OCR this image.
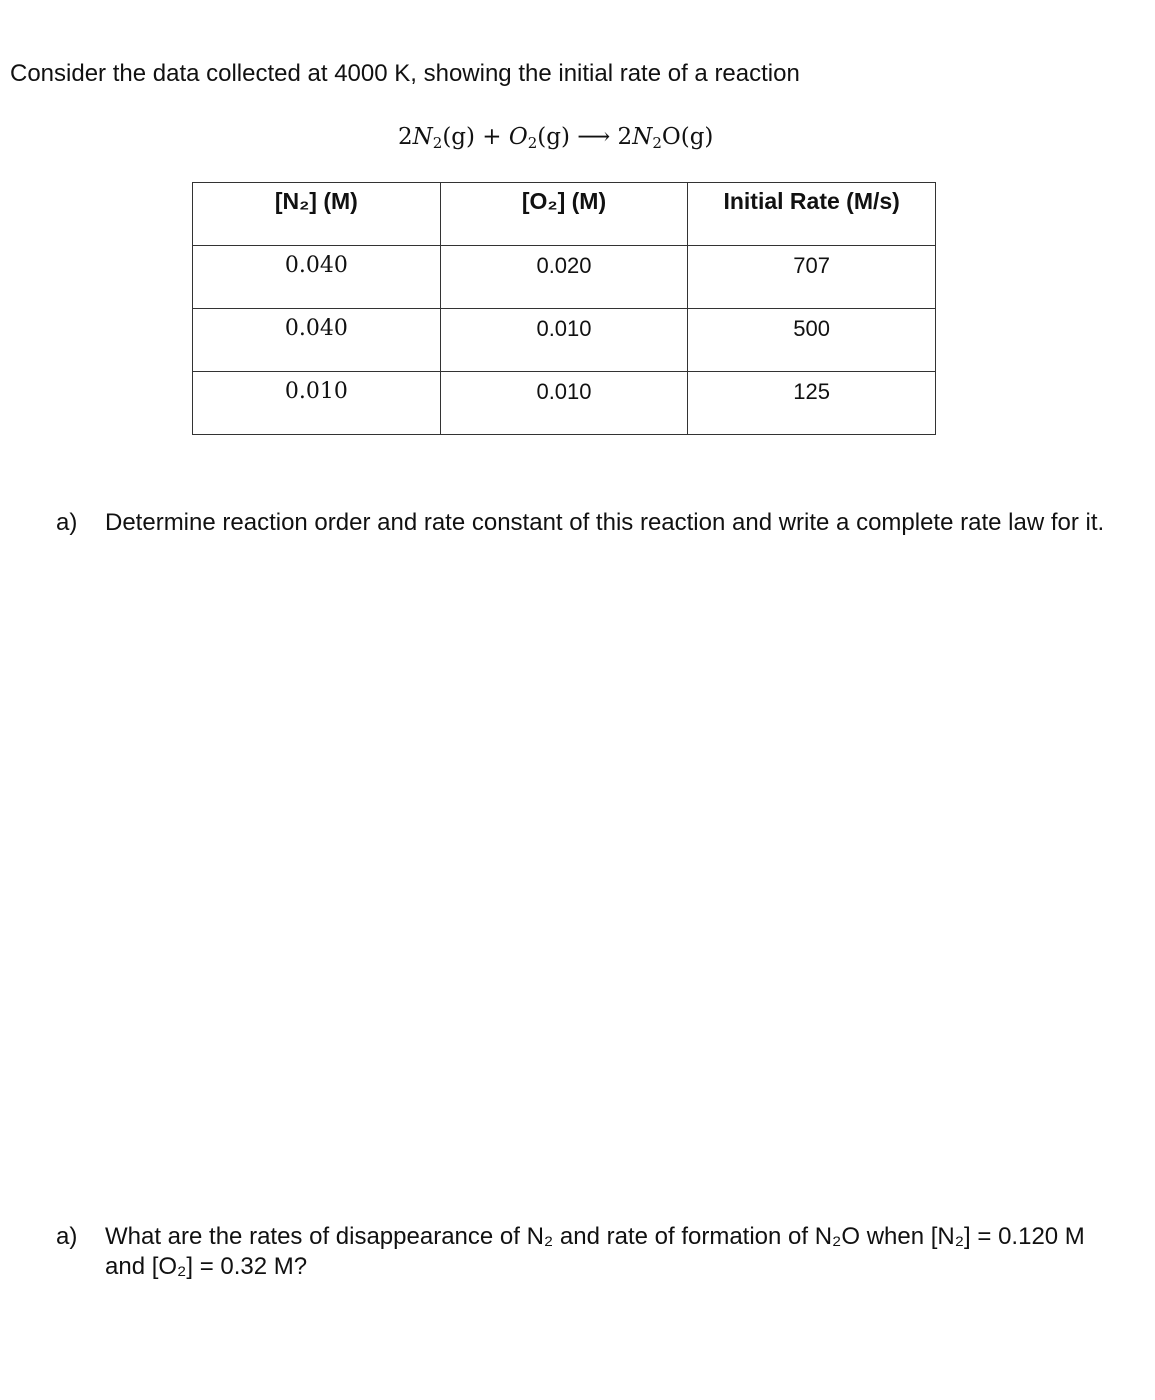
Consider the data collected at 4000 K, showing the initial rate of a reaction
$2N_2(g) + O_2(g)$ ⟶ $2N_2O(g)$
[N₂] (M)	[O₂] (M)	Initial Rate (M/s)
0.040	0.020	707
0.040	0.010	500
0.010	0.010	125
a) Determine reaction order and rate constant of this reaction and write a complete rate law for it.
a) What are the rates of disappearance of N₂ and rate of formation of N₂O when [N₂] = 0.120 M and [O₂] = 0.32 M?
